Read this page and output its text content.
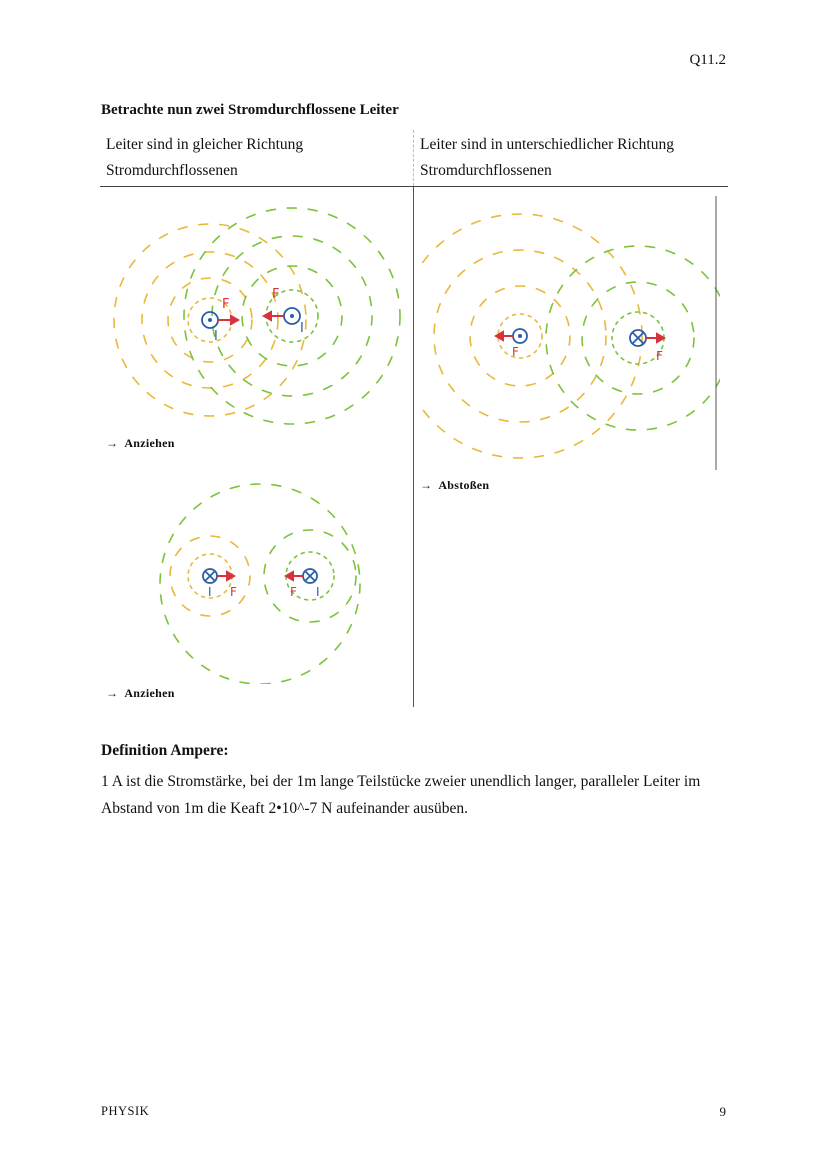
Q11.2
Betrachte nun zwei Stromdurchflossene Leiter
Leiter sind in gleicher Richtung Stromdurchflossenen
Leiter sind in unterschiedlicher Richtung Stromdurchflossenen
F
I
F
I
→ Anziehen
I F	F I
→ Anziehen
F	F
→ Abstoßen
Definition Ampere:
1 A ist die Stromstärke, bei der 1m lange Teilstücke zweier unendlich langer, paralleler Leiter im Abstand von 1m die Keaft 2•10^-7 N aufeinander ausüben.
PHYSIK	9
